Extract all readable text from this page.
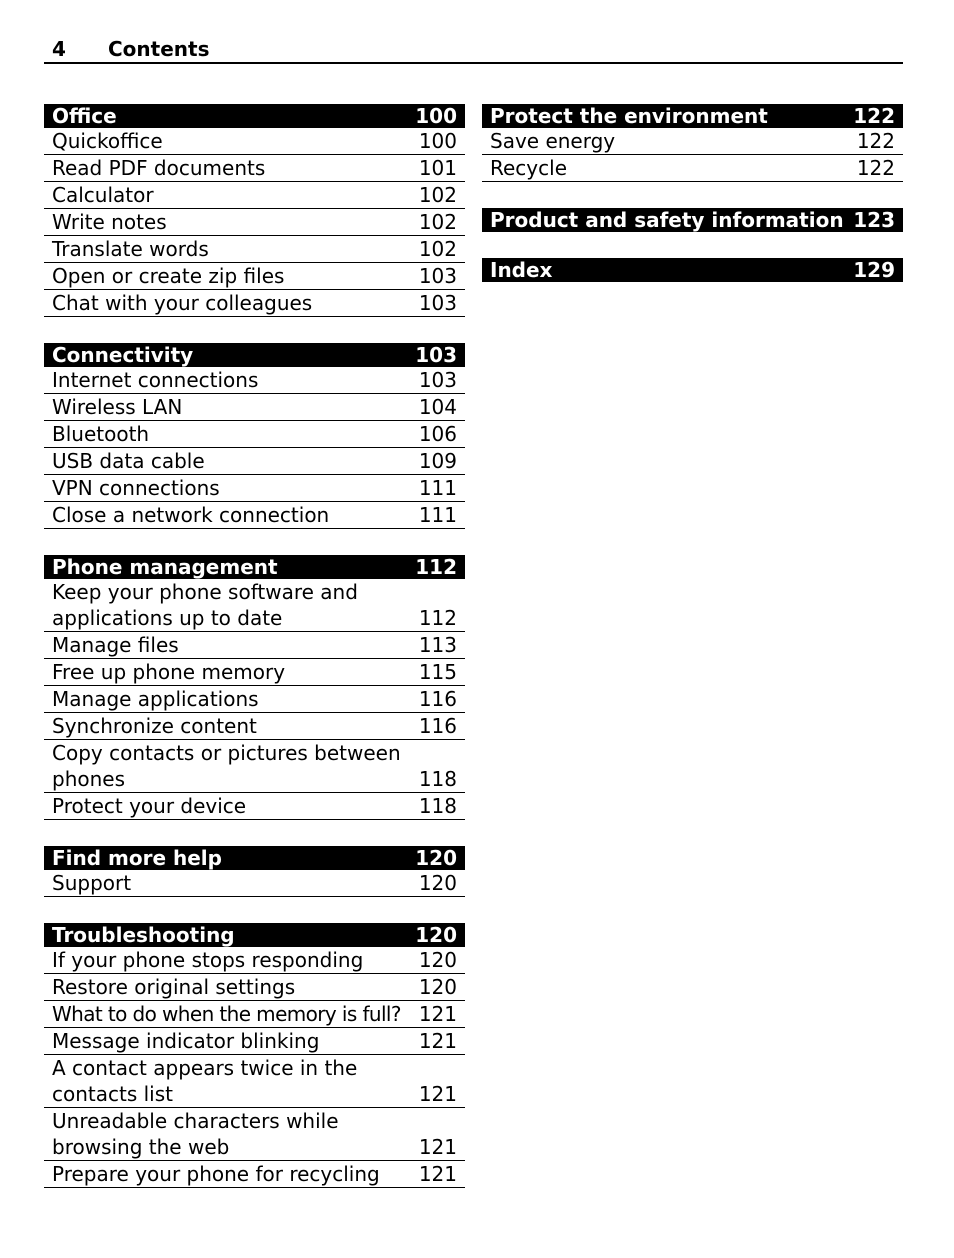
4 Contents
Office	100
Quickoffice	100
Read PDF documents	101
Calculator	102
Write notes	102
Translate words	102
Open or create zip files	103
Chat with your colleagues	103
Connectivity	103
Internet connections	103
Wireless LAN	104
Bluetooth	106
USB data cable	109
VPN connections	111
Close a network connection	111
Phone management	112
Keep your phone software and applications up to date	112
Manage files	113
Free up phone memory	115
Manage applications	116
Synchronize content	116
Copy contacts or pictures between phones	118
Protect your device	118
Find more help	120
Support	120
Troubleshooting	120
If your phone stops responding	120
Restore original settings	120
What to do when the memory is full? 121
Message indicator blinking	121
A contact appears twice in the contacts list	121
Unreadable characters while browsing the web	121
Prepare your phone for recycling	121
Protect the environment	122
Save energy	122
Recycle	122
Product and safety information 123
Index	129
